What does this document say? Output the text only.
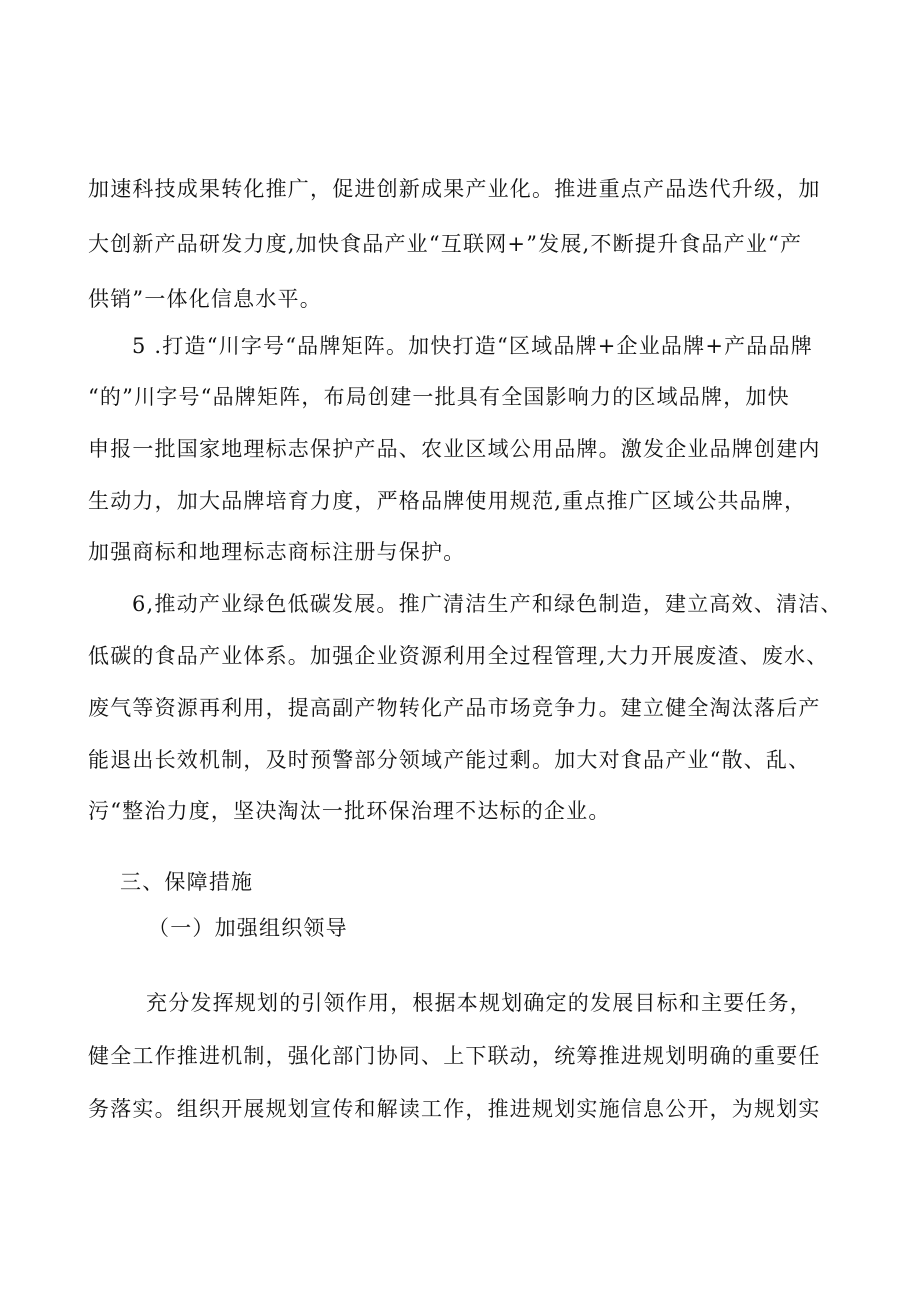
加速科技成果转化推广，促进创新成果产业化。推进重点产品迭代升级，加
大创新产品研发力度,加快食品产业“互联网+”发展,不断提升食品产业“产
供销”一体化信息水平。
5 .打造“川字号“品牌矩阵。加快打造“区域品牌+企业品牌+产品品牌
“的”川字号“品牌矩阵，布局创建一批具有全国影响力的区域品牌，加快
申报一批国家地理标志保护产品、农业区域公用品牌。激发企业品牌创建内
生动力，加大品牌培育力度，严格品牌使用规范,重点推广区域公共品牌，
加强商标和地理标志商标注册与保护。
6,推动产业绿色低碳发展。推广清洁生产和绿色制造，建立高效、清洁、
低碳的食品产业体系。加强企业资源利用全过程管理,大力开展废渣、废水、
废气等资源再利用，提高副产物转化产品市场竞争力。建立健全淘汰落后产
能退出长效机制，及时预警部分领域产能过剩。加大对食品产业“散、乱、
污“整治力度，坚决淘汰一批环保治理不达标的企业。
三、保障措施
（一）加强组织领导
充分发挥规划的引领作用，根据本规划确定的发展目标和主要任务，
健全工作推进机制，强化部门协同、上下联动，统筹推进规划明确的重要任
务落实。组织开展规划宣传和解读工作，推进规划实施信息公开，为规划实
